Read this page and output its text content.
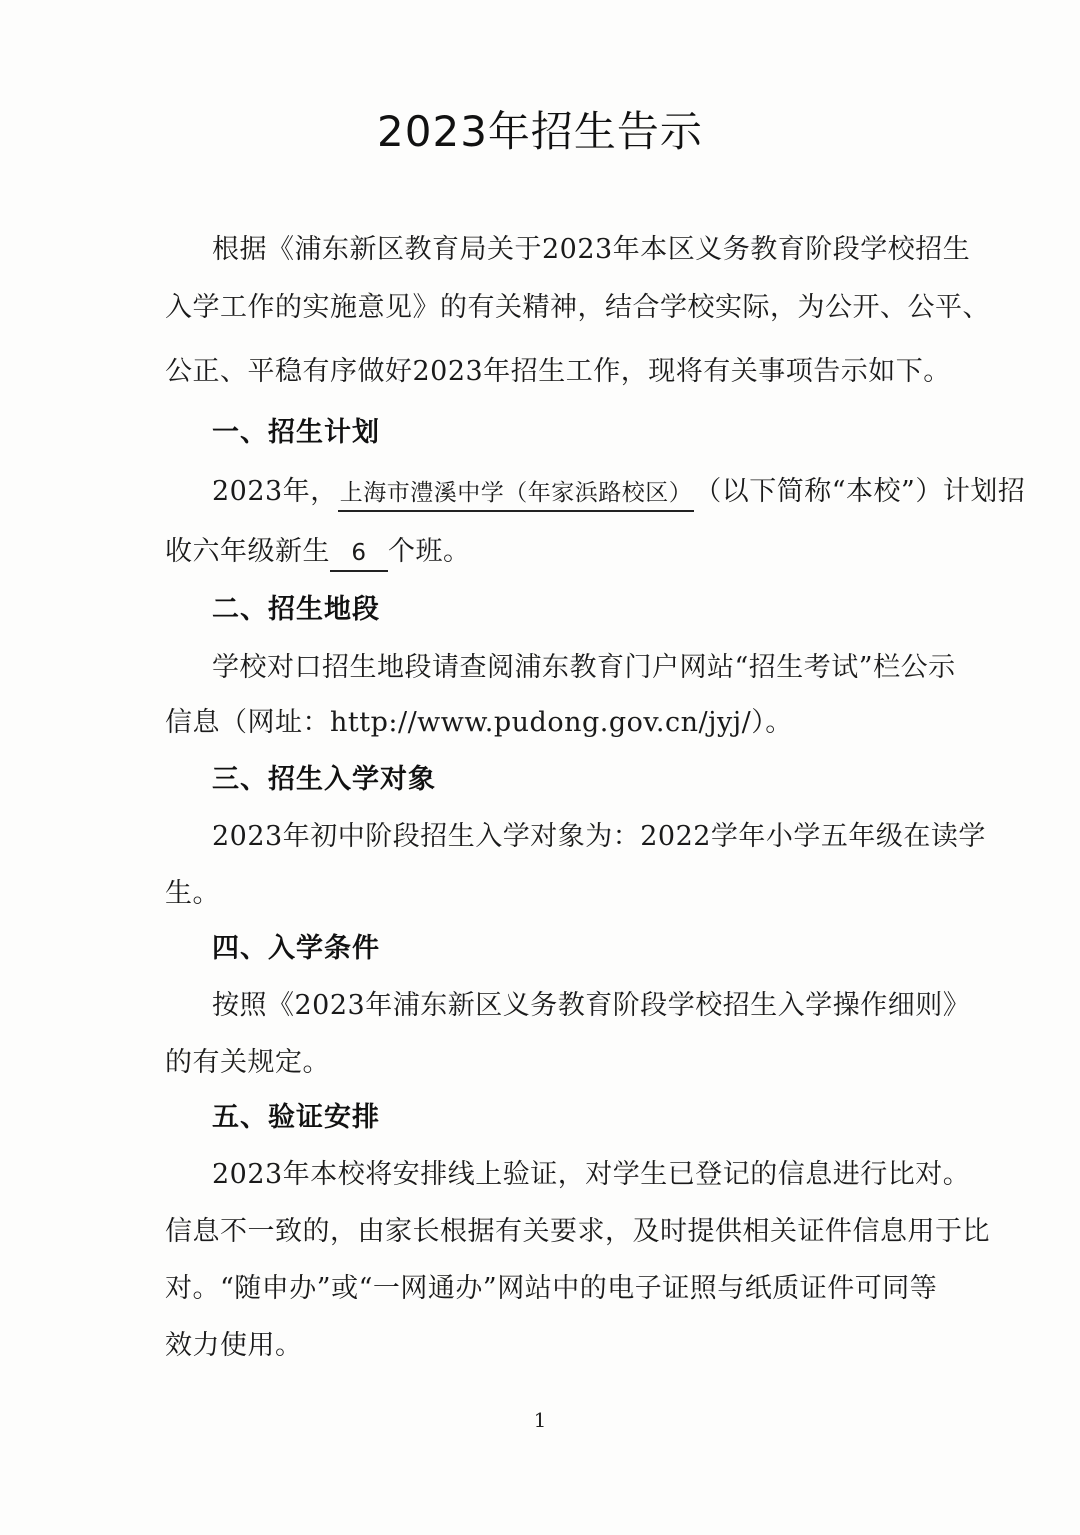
2023年招生告示
根据《浦东新区教育局关于2023年本区义务教育阶段学校招生
入学工作的实施意见》的有关精神，结合学校实际，为公开、公平、
公正、平稳有序做好2023年招生工作，现将有关事项告示如下。
一、招生计划
2023年，上海市澧溪中学（年家浜路校区）（以下简称“本校”）计划招
收六年级新生 6 个班。
二、招生地段
学校对口招生地段请查阅浦东教育门户网站“招生考试”栏公示
信息（网址：http://www.pudong.gov.cn/jyj/）。
三、招生入学对象
2023年初中阶段招生入学对象为：2022学年小学五年级在读学
生。
四、入学条件
按照《2023年浦东新区义务教育阶段学校招生入学操作细则》
的有关规定。
五、验证安排
2023年本校将安排线上验证，对学生已登记的信息进行比对。
信息不一致的，由家长根据有关要求，及时提供相关证件信息用于比
对。“随申办”或“一网通办”网站中的电子证照与纸质证件可同等
效力使用。
1
